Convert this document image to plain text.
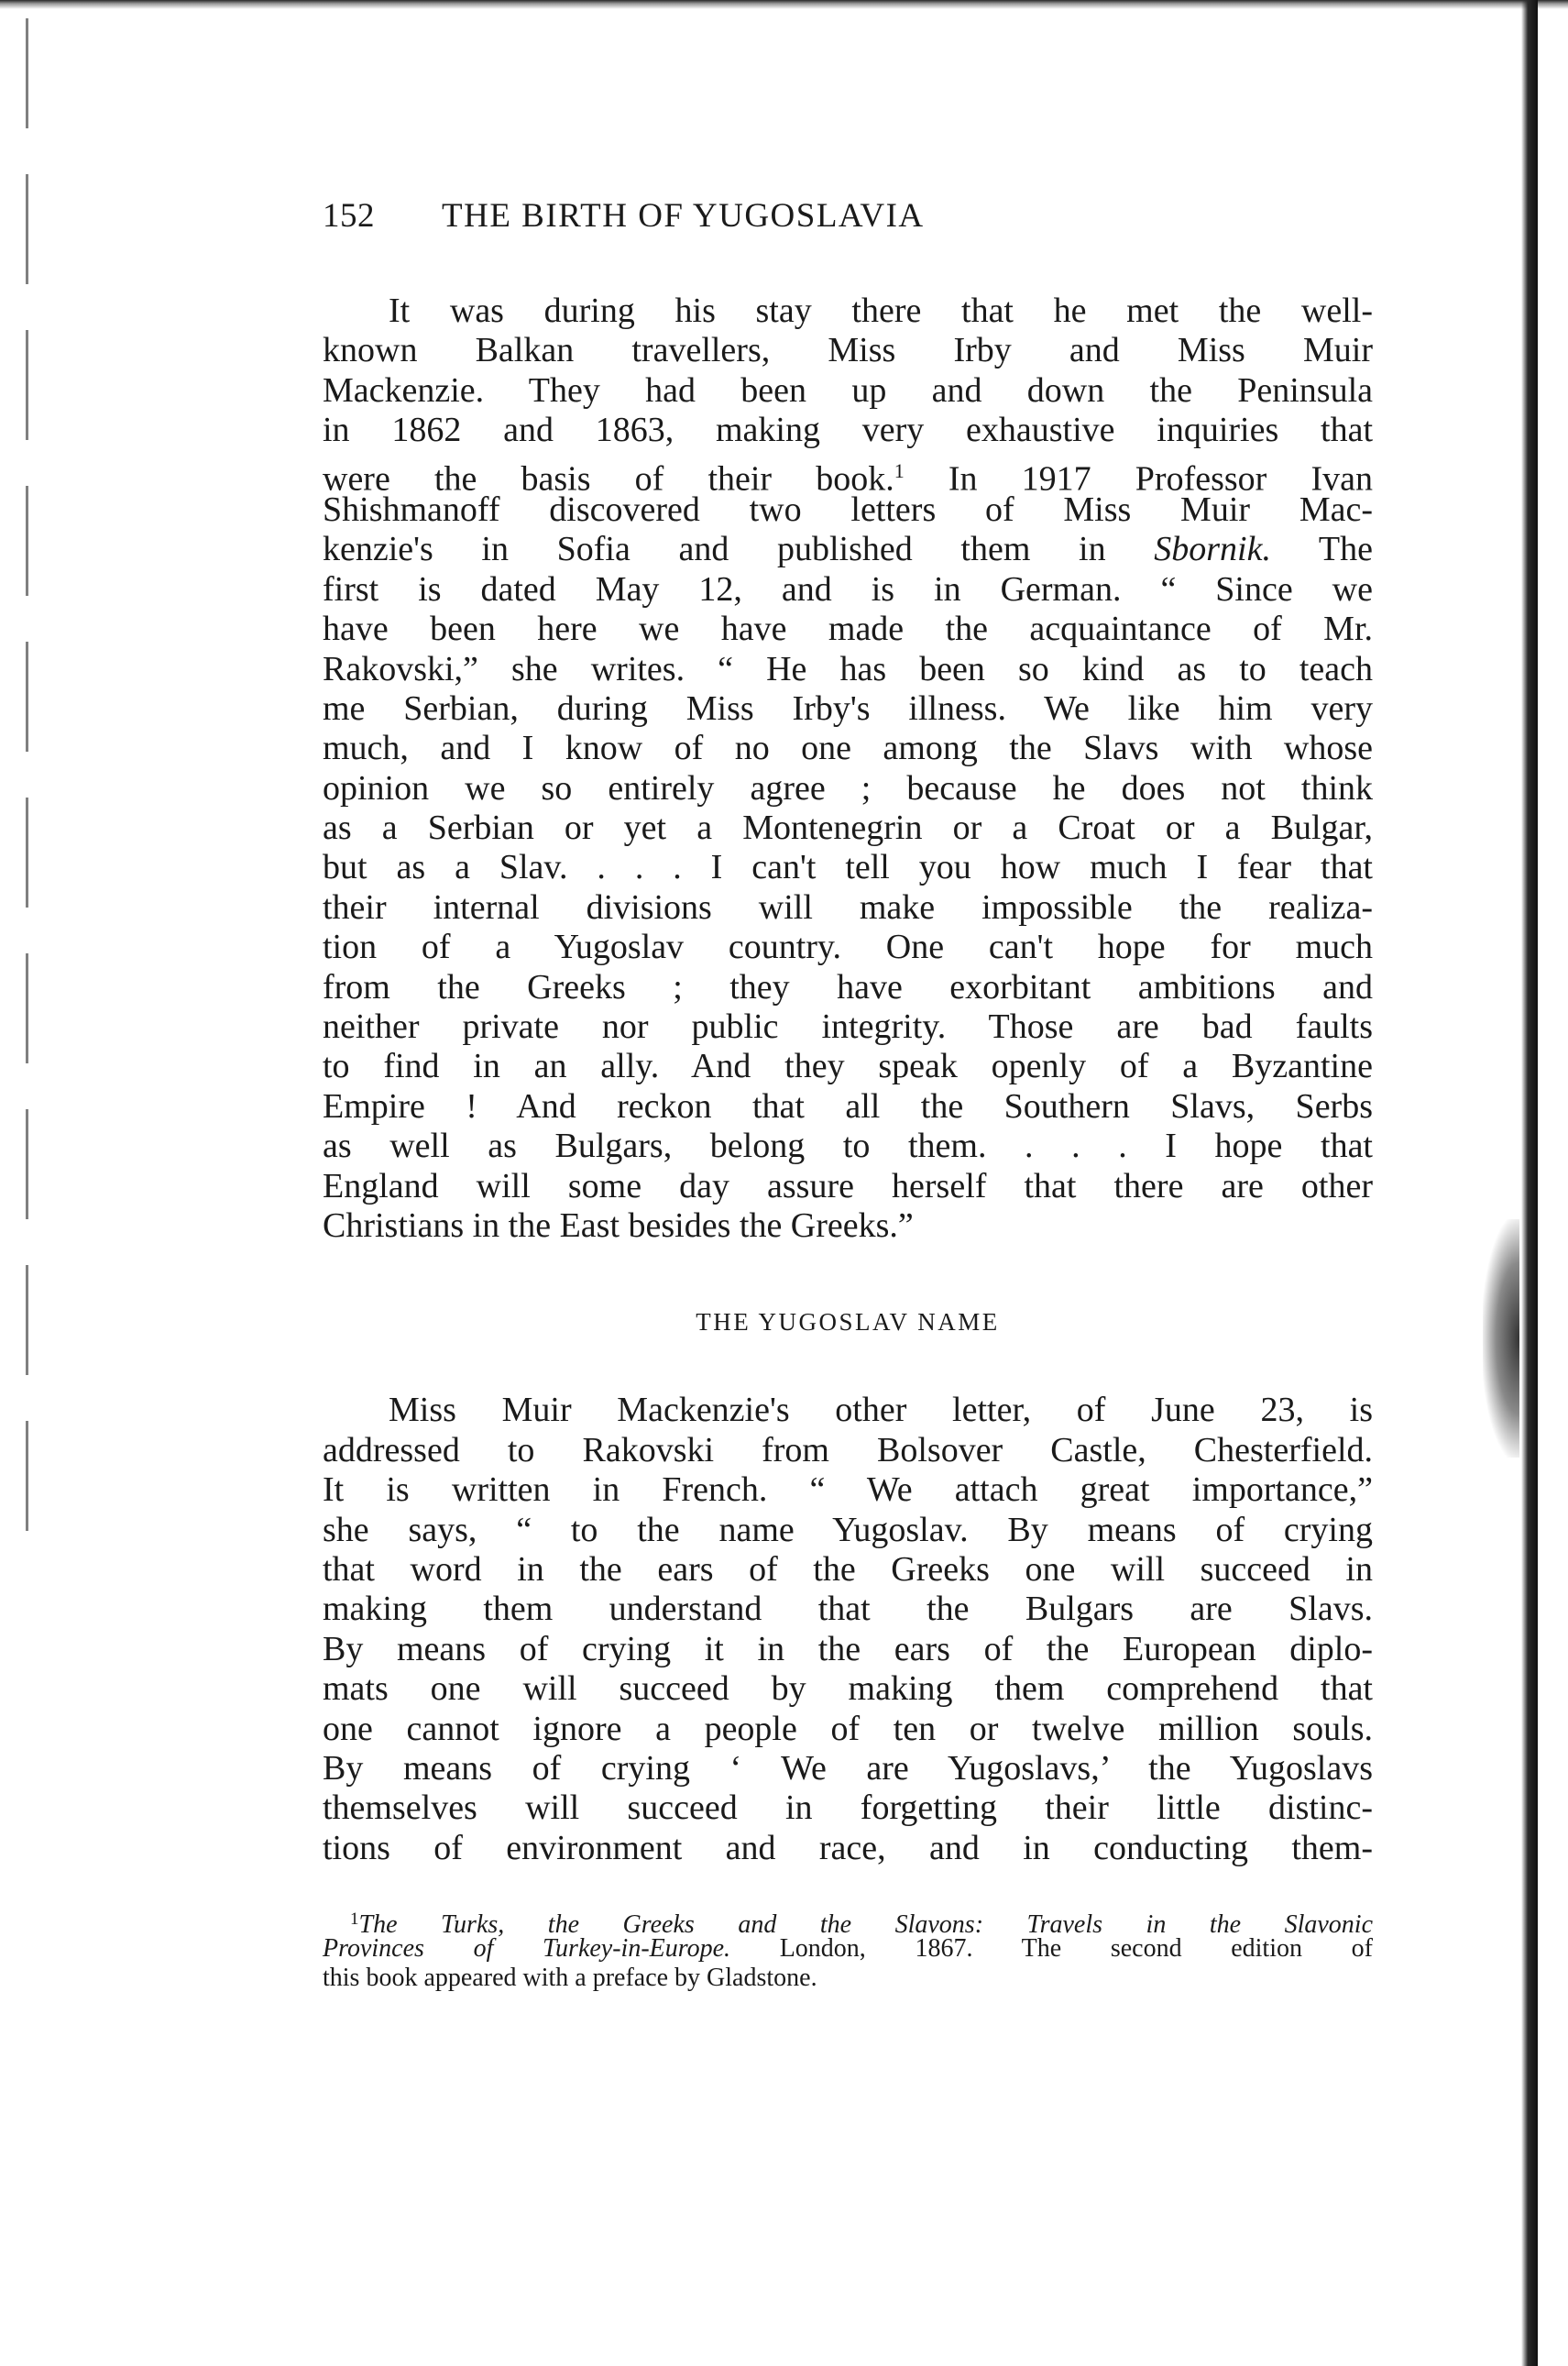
152	THE BIRTH OF YUGOSLAVIA
It was during his stay there that he met the well-
known Balkan travellers, Miss Irby and Miss Muir
Mackenzie. They had been up and down the Peninsula
in 1862 and 1863, making very exhaustive inquiries that
were the basis of their book.$^1$ In 1917 Professor Ivan
Shishmanoff discovered two letters of Miss Muir Mac-
kenzie's in Sofia and published them in Sbornik. The
first is dated May 12, and is in German. “ Since we
have been here we have made the acquaintance of Mr.
Rakovski,” she writes. “ He has been so kind as to teach
me Serbian, during Miss Irby's illness. We like him very
much, and I know of no one among the Slavs with whose
opinion we so entirely agree ; because he does not think
as a Serbian or yet a Montenegrin or a Croat or a Bulgar,
but as a Slav. . . . I can't tell you how much I fear that
their internal divisions will make impossible the realiza-
tion of a Yugoslav country. One can't hope for much
from the Greeks ; they have exorbitant ambitions and
neither private nor public integrity. Those are bad faults
to find in an ally. And they speak openly of a Byzantine
Empire ! And reckon that all the Southern Slavs, Serbs
as well as Bulgars, belong to them. . . . I hope that
England will some day assure herself that there are other
Christians in the East besides the Greeks.”
THE YUGOSLAV NAME
Miss Muir Mackenzie's other letter, of June 23, is
addressed to Rakovski from Bolsover Castle, Chesterfield.
It is written in French. “ We attach great importance,”
she says, “ to the name Yugoslav. By means of crying
that word in the ears of the Greeks one will succeed in
making them understand that the Bulgars are Slavs.
By means of crying it in the ears of the European diplo-
mats one will succeed by making them comprehend that
one cannot ignore a people of ten or twelve million souls.
By means of crying ‘ We are Yugoslavs,’ the Yugoslavs
themselves will succeed in forgetting their little distinc-
tions of environment and race, and in conducting them-
$^1$The Turks, the Greeks and the Slavons: Travels in the Slavonic
Provinces of Turkey-in-Europe. London, 1867. The second edition of
this book appeared with a preface by Gladstone.
